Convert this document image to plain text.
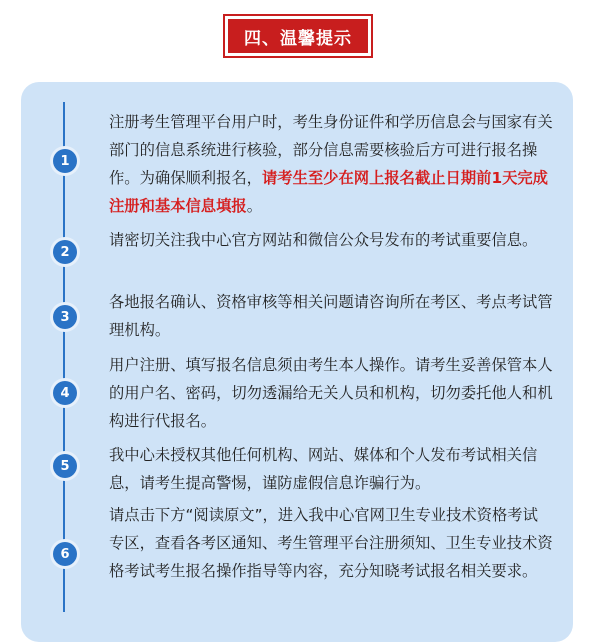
四、温馨提示
1
注册考生管理平台用户时，考生身份证件和学历信息会与国家有关部门的信息系统进行核验，部分信息需要核验后方可进行报名操作。为确保顺利报名，请考生至少在网上报名截止日期前1天完成注册和基本信息填报。
2
请密切关注我中心官方网站和微信公众号发布的考试重要信息。
3
各地报名确认、资格审核等相关问题请咨询所在考区、考点考试管理机构。
4
用户注册、填写报名信息须由考生本人操作。请考生妥善保管本人的用户名、密码，切勿透漏给无关人员和机构，切勿委托他人和机构进行代报名。
5
我中心未授权其他任何机构、网站、媒体和个人发布考试相关信息，请考生提高警惕，谨防虚假信息诈骗行为。
6
请点击下方“阅读原文”，进入我中心官网卫生专业技术资格考试专区，查看各考区通知、考生管理平台注册须知、卫生专业技术资格考试考生报名操作指导等内容，充分知晓考试报名相关要求。
